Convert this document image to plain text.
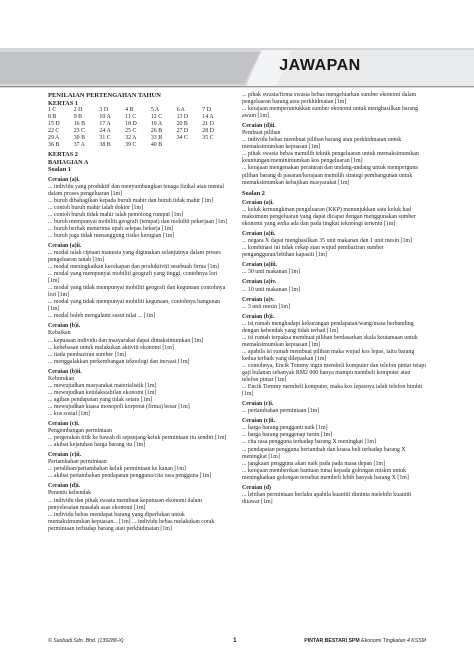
JAWAPAN
PENILAIAN PERTENGAHAN TAHUN
KERTAS 1
1 C	2 D	3 D	4 B	5 A	6 A	7 D
8 B	9 B	10 A	11 C	12 C	13 D	14 A
15 D	16 B	17 A	18 D	19 A	20 B	21 D
22 C	23 C	24 A	25 C	26 B	27 D	28 D
29 A	30 B	31 C	32 A	33 B	34 C	35 C
36 B	37 A	38 B	39 C	40 B
KERTAS 2
BAHAGIAN A
Soalan 1
Ceraian (a)i.
... individu yang produktif dan menyumbangkan tenaga fizikal atau mental dalam proses pengeluaran [1m]
... buruh dibahagikan kepada buruh mahir dan buruh tidak mahir [1m]
... contoh buruh mahir ialah doktor [1m]
... contoh buruh tidak mahir ialah pemotong rumput [1m]
... buruh mempunyai mobiliti geografi (tempat) dan mobiliti pekerjaan [1m]
... buruh berhak menerima upah selepas bekerja [1m]
... buruh juga tidak menanggung risiko kerugian [1m]
Ceraian (a)ii.
... modal ialah ciptaan manusia yang digunakan selanjutnya dalam proses pengeluaran tanah [1m]
... modal meningkatkan kecekapan dan produktiviti sesebuah firma [1m]
... modal yang mempunyai mobiliti geografi yang tinggi, contohnya lori [1m]
... modal yang tidak mempunyai mobiliti geografi dan kegunaan contohnya lori [1m]
... modal yang tidak mempunyai mobiliti kegunaan, contohnya bangunan [1m]
... modal boleh mengalami susut nilai ... [1m]
Ceraian (b)i.
Kebaikan
... kepuasan individu dan masyarakat dapat dimaksimumkan [1m]
... kebebasan untuk melakukan aktiviti ekonomi [1m]
... tiada pembaziran sumber [1m]
... menggalakkan perkembangan teknologi dan inovasi [1m]
Ceraian (b)ii.
Keburukan
... mewujudkan masyarakat materialistik [1m]
... mewujudkan ketidakstabilan ekonomi [1m]
... agihan pendapatan yang tidak setara [1m]
... mewujudkan kuasa monopoli korporat (firma) besar [1m]
... kos sosial [1m]
Ceraian (c)i.
Pengembangan permintaan
... pergerakan titik ke bawah di sepanjang keluk permintaan itu sendiri [1m]
... akibat kejatuhan harga barang itu [1m]
Ceraian (c)ii.
Pertambahan permintaan
... peralihan/pertambahan keluk permintaan ke kanan [1m]
... akibat pertambahan pendapatan pengguna/cita rasa pengguna [1m]
Ceraian (d)i.
Penentu kehendak
... individu dan pihak swasta membuat keputusan ekonomi dalam penyelesaian masalah asas ekonomi [1m]
... individu bebas mendapat barang yang diperlukan untuk memaksimumkan kepuasan... [1m] ... individu bebas melakukan corak permintaan terhadap barang atau perkhidmatan [1m]
... pihak swasta/firma swasta bebas mengeluarkan sumber ekonomi dalam pengeluaran barang atau perkhidmatan [1m]
... kerajaan memperuntukkan sumber ekonomi untuk menghasilkan barang awam [1m]
Ceraian (d)ii.
Pembuat pilihan
... individu bebas membuat pilihan barang atau perkhidmatan untuk memaksimumkan kepuasan [1m]
... pihak swasta bebas memilih teknik pengeluaran untuk memaksimumkan keuntungan/meminimumkan kos pengeluaran [1m]
... kerajaan mengenakan peraturan dan undang-undang untuk memperguna pilihan barang di pasaran/kerajaan memilih strategi pembangunan untuk memaksimumkan kebajikan masyarakat [1m]
Soalan 2
Ceraian (a)i.
... keluk kemungkinan pengeluaran (KKP) menunjukkan satu keluk had maksimum pengeluaran yang dapat dicapai dengan menggunakan sumber ekonomi yang sedia ada dan pada tingkat teknologi tertentu [1m]
Ceraian (a)ii.
... negara X dapat menghasilkan 35 unit makanan dan 1 unit mesin [1m]
... kombinasi ini tidak cekap atau wujud pembaziran sumber pengangguran/lebihan kapasiti [1m]
Ceraian (a)iii.
... 30 unit makanan [1m]
Ceraian (a)iv.
... 10 unit makanan [1m]
Ceraian (a)v.
... 3 unit mesin [1m]
Ceraian (b)i.
... isi rumah menghadapi kekurangan pendapatan/wang/masa berbanding dengan kehendak yang tidak terhad [1m]
... isi rumah terpaksa membuat pilihan berdasarkan skala keutamaan untuk memaksimumkan kepuasan [1m]
... apabila isi rumah membuat pilihan maka wujud kos lepas, iaitu barang kedua terbaik yang dilepaskan [1m]
... contohnya, Encik Tommy ingin membeli komputer dan telefon pintar tetapi gaji bulanan sebanyak RM2 000 hanya mampu membeli komputer atau telefon pintar [1m]
... Encik Tommy membeli komputer, maka kos lepasnya ialah telefon bimbit [1m]
Ceraian (c)i.
... pertambahan permintaan [1m]
Ceraian (c)ii.
... harga barang pengganti naik [1m]
... harga barang penggenap turun [1m]
... cita rasa pengguna terhadap barang X meningkat [1m]
... pendapatan pengguna bertambah dan kuasa beli terhadap barang X meningkat [1m]
... jangkaan pengguna akan naik pada pada masa depan [1m]
... kerajaan memberikan bantuan tunai kepada golongan miskin untuk meningkatkan golongan tersebut membeli lebih banyak barang X [1m]
Ceraian (d)
... lebihan permintaan berlaku apabila kuantiti diminta melebihi kuantiti ditawar [1m]
© Sasbadi Sdn. Bhd. (139288-X)	1	PINTAR BESTARI SPM Ekonomi Tingkatan 4 KSSM
